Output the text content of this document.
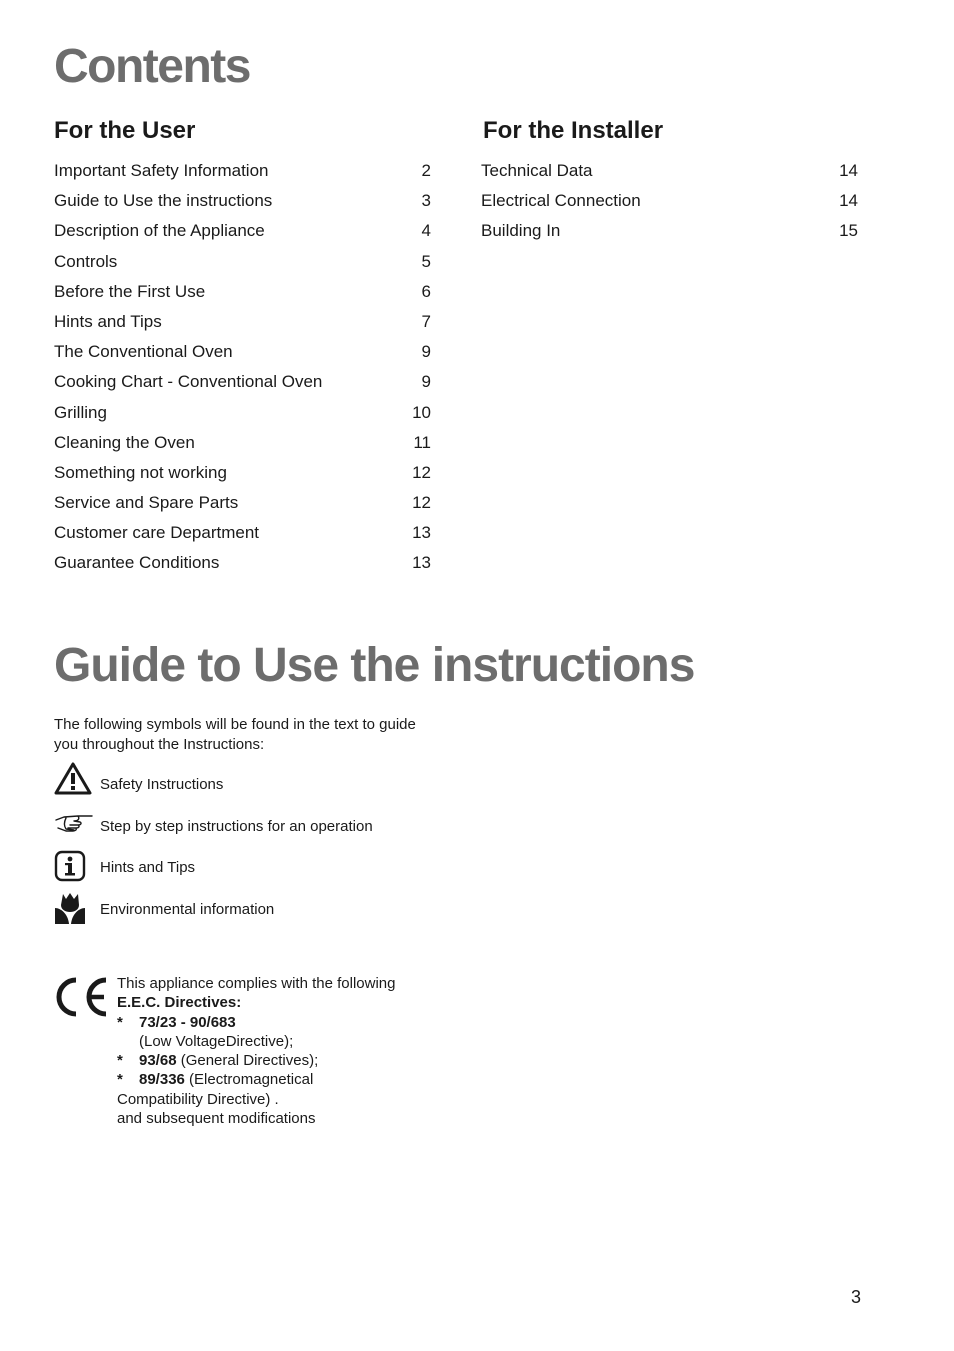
Contents
For the User	For the Installer
Important Safety Information	2
Guide to Use the instructions	3
Description of the Appliance	4
Controls	5
Before the First Use	6
Hints and Tips	7
The Conventional Oven	9
Cooking Chart - Conventional Oven	9
Grilling	10
Cleaning the Oven	11
Something not working	12
Service and Spare Parts	12
Customer care Department	13
Guarantee Conditions	13
Technical Data	14
Electrical Connection	14
Building In	15
Guide to Use the instructions

The following symbols will be found in the text to guide
you throughout the Instructions:

Safety Instructions
Step by step instructions for an operation
Hints and Tips
Environmental information
This appliance complies with the following
E.E.C. Directives:
* 73/23 - 90/683
(Low VoltageDirective);
* 93/68 (General Directives);
* 89/336 (Electromagnetical
Compatibility Directive) .
and subsequent modifications
3
